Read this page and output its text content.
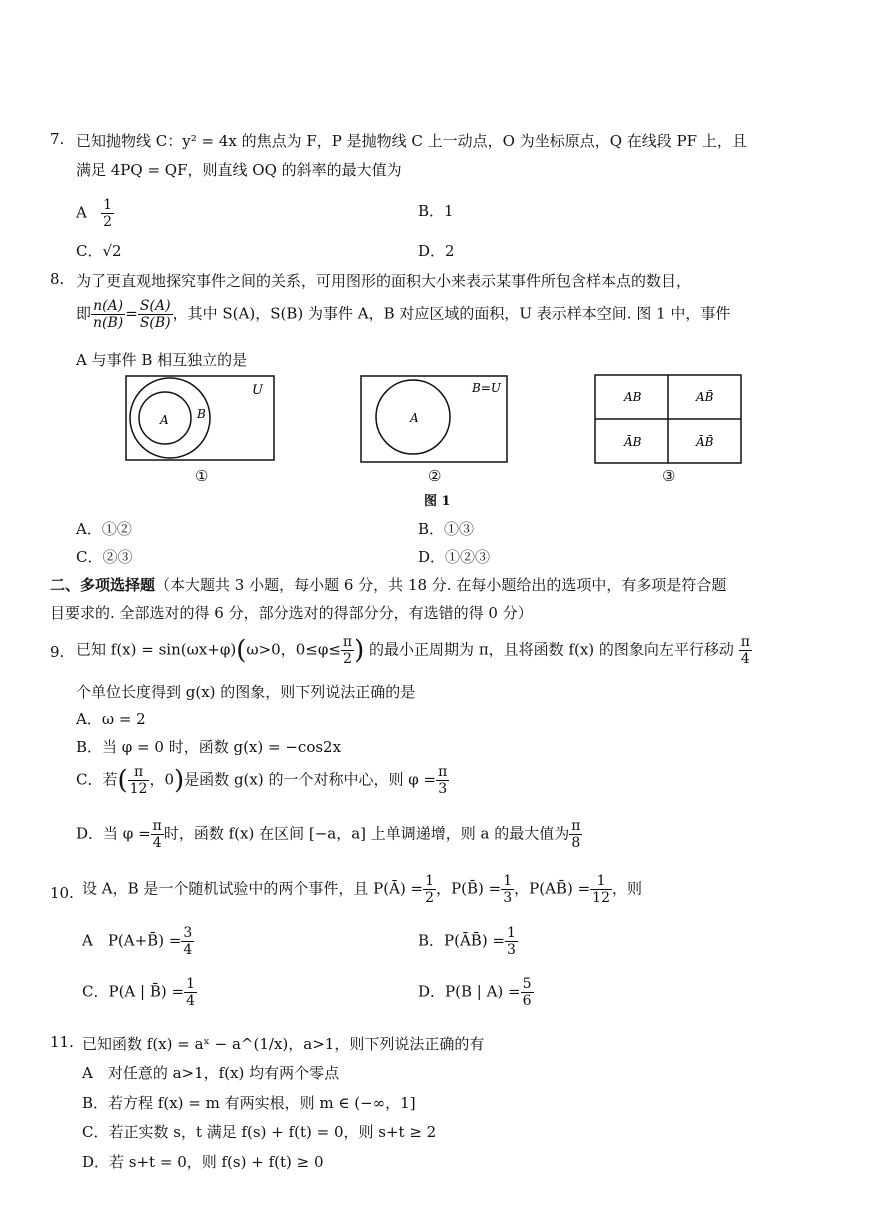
7. 已知抛物线 C：y² = 4x 的焦点为 F，P 是抛物线 C 上一动点，O 为坐标原点，Q 在线段 PF 上，且
满足 4PQ = QF，则直线 OQ 的斜率的最大值为
A $\frac{1}{2}$	B．1
C．√2	D．2
8. 为了更直观地探究事件之间的关系，可用图形的面积大小来表示某事件所包含样本点的数目，
即 $\frac{n(A)}{n(B)} = \frac{S(A)}{S(B)}$ ，其中 S(A)，S(B) 为事件 A，B 对应区域的面积，U 表示样本空间. 图 1 中，事件
A 与事件 B 相互独立的是
U
A B
①
B=U
A
②
AB	AB̄
ĀB	ĀB̄
③
图 1
A．①②	B．①③
C．②③	D．①②③
二、多项选择题（本大题共 3 小题，每小题 6 分，共 18 分. 在每小题给出的选项中，有多项是符合题
目要求的. 全部选对的得 6 分，部分选对的得部分分，有选错的得 0 分）
9. 已知 f(x) = sin(ωx+φ)(ω>0，$0\le\varphi\le \frac{\pi}{2}$ ) 的最小正周期为 π，且将函数 f(x) 的图象向左平行移动 $\frac{\pi}{4}$
个单位长度得到 g(x) 的图象，则下列说法正确的是
A．ω = 2
B．当 φ = 0 时，函数 g(x) = −cos2x
C．若( $\frac{\pi}{12}$ ，0)是函数 g(x) 的一个对称中心，则 $\varphi = \frac{\pi}{3}$
D．当 $\varphi = \frac{\pi}{4}$ 时，函数 f(x) 在区间 [−a，a] 上单调递增，则 a 的最大值为 $\frac{\pi}{8}$
10. 设 A，B 是一个随机试验中的两个事件，且 P(Ā) = $\frac{1}{2}$ ，P(B̄) = $\frac{1}{3}$ ，P(AB̄) = $\frac{1}{12}$ ，则
A　P(A+B̄) = $\frac{3}{4}$	B．P(ĀB̄) = $\frac{1}{3}$
C．P(A | B̄) = $\frac{1}{4}$	D．P(B | $A) = \frac{5}{6}$
11. 已知函数 f(x) = aˣ − a^(1/x)，a>1，则下列说法正确的有
A　对任意的 a>1，f(x) 均有两个零点
B．若方程 f(x) = m 有两实根，则 m ∈ (−∞，1]
C．若正实数 s，t 满足 f(s) + f(t) = 0，则 s+t ≥ 2
D．若 s+t = 0，则 f(s) + f(t) ≥ 0
